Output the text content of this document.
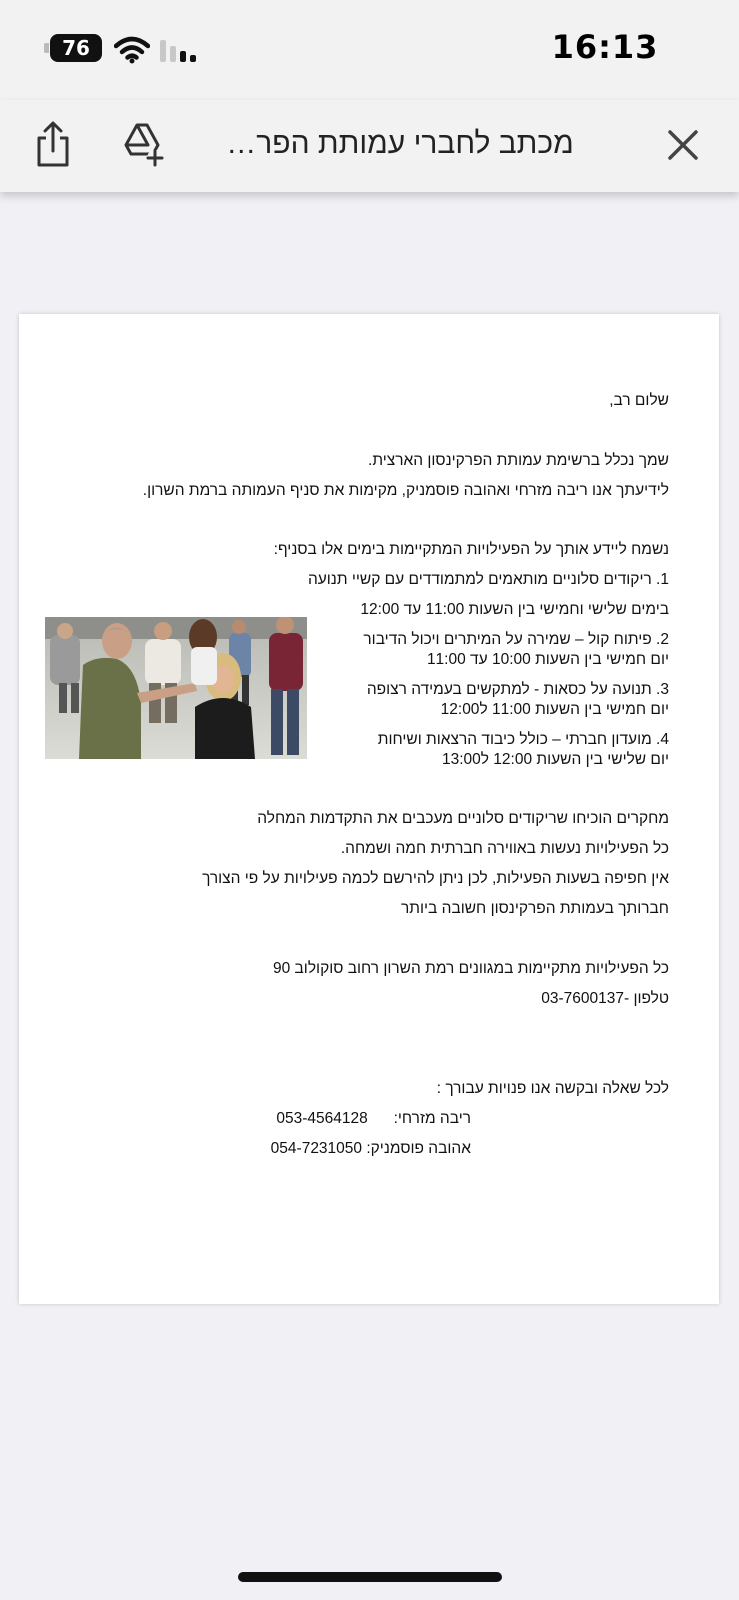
76	16:13
מכתב לחברי עמותת הפר…
שלום רב,
שמך נכלל ברשימת עמותת הפרקינסון הארצית.
לידיעתך אנו ריבה מזרחי ואהובה פוסמניק, מקימות את סניף העמותה ברמת השרון.
נשמח ליידע אותך על הפעילויות המתקיימות בימים אלו בסניף:
1. ריקודים סלוניים מותאמים למתמודדים עם קשיי תנועה
בימים שלישי וחמישי בין השעות 11:00 עד 12:00
2. פיתוח קול – שמירה על המיתרים ויכול הדיבור
יום חמישי בין השעות 10:00 עד 11:00
3. תנועה על כסאות - למתקשים בעמידה רצופה
יום חמישי בין השעות 11:00 ל12:00
4. מועדון חברתי – כולל כיבוד הרצאות ושיחות
יום שלישי בין השעות 12:00 ל13:00
מחקרים הוכיחו שריקודים סלוניים מעכבים את התקדמות המחלה
כל הפעילויות נעשות באווירה חברתית חמה ושמחה.
אין חפיפה בשעות הפעילות, לכן ניתן להירשם לכמה פעילויות על פי הצורך
חברותך בעמותת הפרקינסון חשובה ביותר
כל הפעילויות מתקיימות במגוונים רמת השרון רחוב סוקולוב 90
טלפון -03-7600137
לכל שאלה ובקשה אנו פנויות עבורך :
ריבה מזרחי:      053-4564128
אהובה פוסמניק: 054-7231050
